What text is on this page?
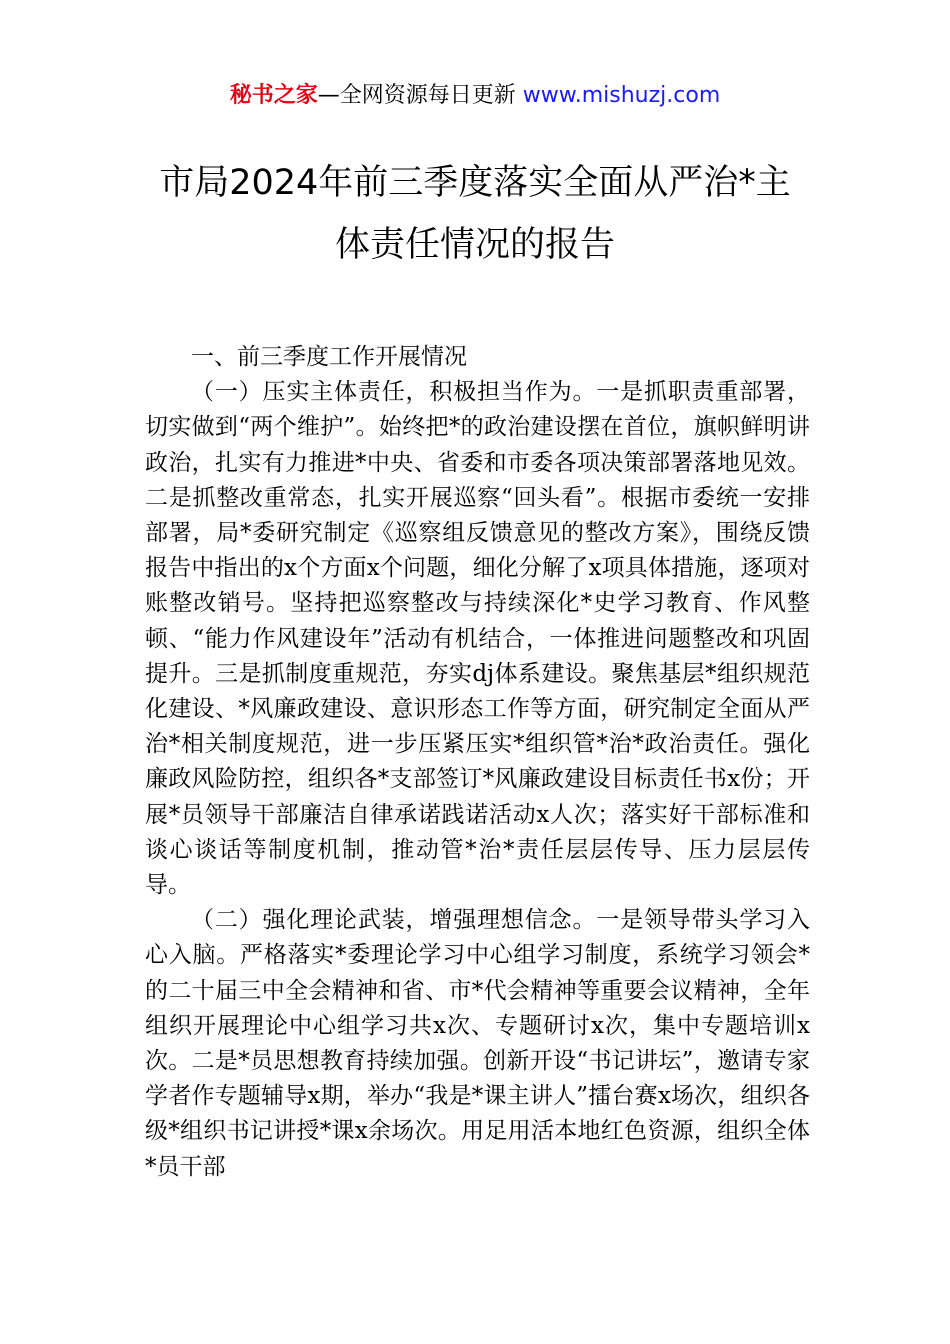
秘书之家—全网资源每日更新 www.mishuzj.com
市局2024年前三季度落实全面从严治*主
体责任情况的报告

一、前三季度工作开展情况

（一）压实主体责任，积极担当作为。一是抓职责重部署，切实做到“两个维护”。始终把*的政治建设摆在首位，旗帜鲜明讲政治，扎实有力推进*中央、省委和市委各项决策部署落地见效。二是抓整改重常态，扎实开展巡察“回头看”。根据市委统一安排部署，局*委研究制定《巡察组反馈意见的整改方案》，围绕反馈报告中指出的x个方面x个问题，细化分解了x项具体措施，逐项对账整改销号。坚持把巡察整改与持续深化*史学习教育、作风整顿、“能力作风建设年”活动有机结合，一体推进问题整改和巩固提升。三是抓制度重规范，夯实dj体系建设。聚焦基层*组织规范化建设、*风廉政建设、意识形态工作等方面，研究制定全面从严治*相关制度规范，进一步压紧压实*组织管*治*政治责任。强化廉政风险防控，组织各*支部签订*风廉政建设目标责任书x份；开展*员领导干部廉洁自律承诺践诺活动x人次；落实好干部标准和谈心谈话等制度机制，推动管*治*责任层层传导、压力层层传导。

（二）强化理论武装，增强理想信念。一是领导带头学习入心入脑。严格落实*委理论学习中心组学习制度，系统学习领会*的二十届三中全会精神和省、市*代会精神等重要会议精神，全年组织开展理论中心组学习共x次、专题研讨x次，集中专题培训x次。二是*员思想教育持续加强。创新开设“书记讲坛”，邀请专家学者作专题辅导x期，举办“我是*课主讲人”擂台赛x场次，组织各级*组织书记讲授*课x余场次。用足用活本地红色资源，组织全体*员干部
